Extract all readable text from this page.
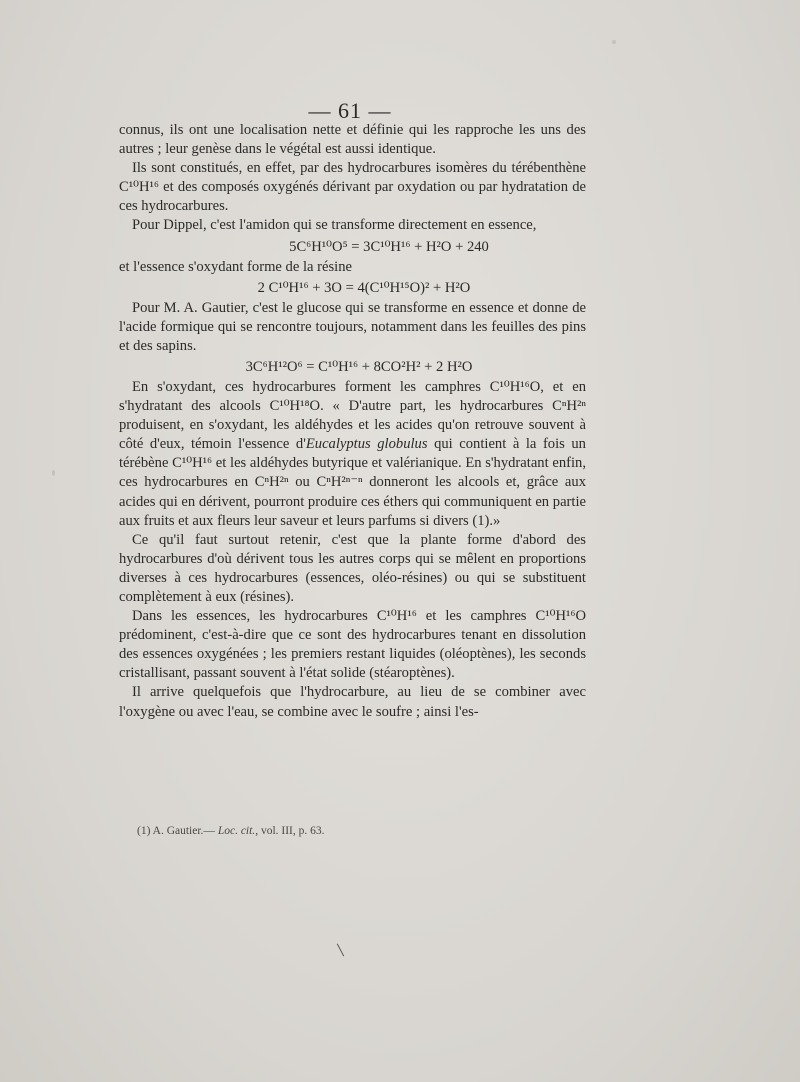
— 61 —

connus, ils ont une localisation nette et définie qui les rapproche les uns des autres ; leur genèse dans le végétal est aussi identique.

Ils sont constitués, en effet, par des hydrocarbures isomères du térébenthène C¹⁰H¹⁶ et des composés oxygénés dérivant par oxydation ou par hydratation de ces hydrocarbures.

Pour Dippel, c'est l'amidon qui se transforme directement en essence,

5C⁶H¹⁰O⁵ = 3C¹⁰H¹⁶ + H²O + 240

et l'essence s'oxydant forme de la résine

2 C¹⁰H¹⁶ + 3O = 4(C¹⁰H¹⁵O)² + H²O

Pour M. A. Gautier, c'est le glucose qui se transforme en essence et donne de l'acide formique qui se rencontre toujours, notamment dans les feuilles des pins et des sapins.

3C⁶H¹²O⁶ = C¹⁰H¹⁶ + 8CO²H² + 2 H²O

En s'oxydant, ces hydrocarbures forment les camphres C¹⁰H¹⁶O, et en s'hydratant des alcools C¹⁰H¹⁸O. « D'autre part, les hydrocarbures CⁿH²ⁿ produisent, en s'oxydant, les aldéhydes et les acides qu'on retrouve souvent à côté d'eux, témoin l'essence d'Eucalyptus globulus qui contient à la fois un térébène C¹⁰H¹⁶ et les aldéhydes butyrique et valérianique. En s'hydratant enfin, ces hydrocarbures en CⁿH²ⁿ ou CⁿH²ⁿ⁻ⁿ donneront les alcools et, grâce aux acides qui en dérivent, pourront produire ces éthers qui communiquent en partie aux fruits et aux fleurs leur saveur et leurs parfums si divers (1).»

Ce qu'il faut surtout retenir, c'est que la plante forme d'abord des hydrocarbures d'où dérivent tous les autres corps qui se mêlent en proportions diverses à ces hydrocarbures (essences, oléo-résines) ou qui se substituent complètement à eux (résines).

Dans les essences, les hydrocarbures C¹⁰H¹⁶ et les camphres C¹⁰H¹⁶O prédominent, c'est-à-dire que ce sont des hydrocarbures tenant en dissolution des essences oxygénées ; les premiers restant liquides (oléoptènes), les seconds cristallisant, passant souvent à l'état solide (stéaroptènes).

Il arrive quelquefois que l'hydrocarbure, au lieu de se combiner avec l'oxygène ou avec l'eau, se combine avec le soufre ; ainsi l'es-

(1) A. Gautier.— Loc. cit., vol. III, p. 63.
